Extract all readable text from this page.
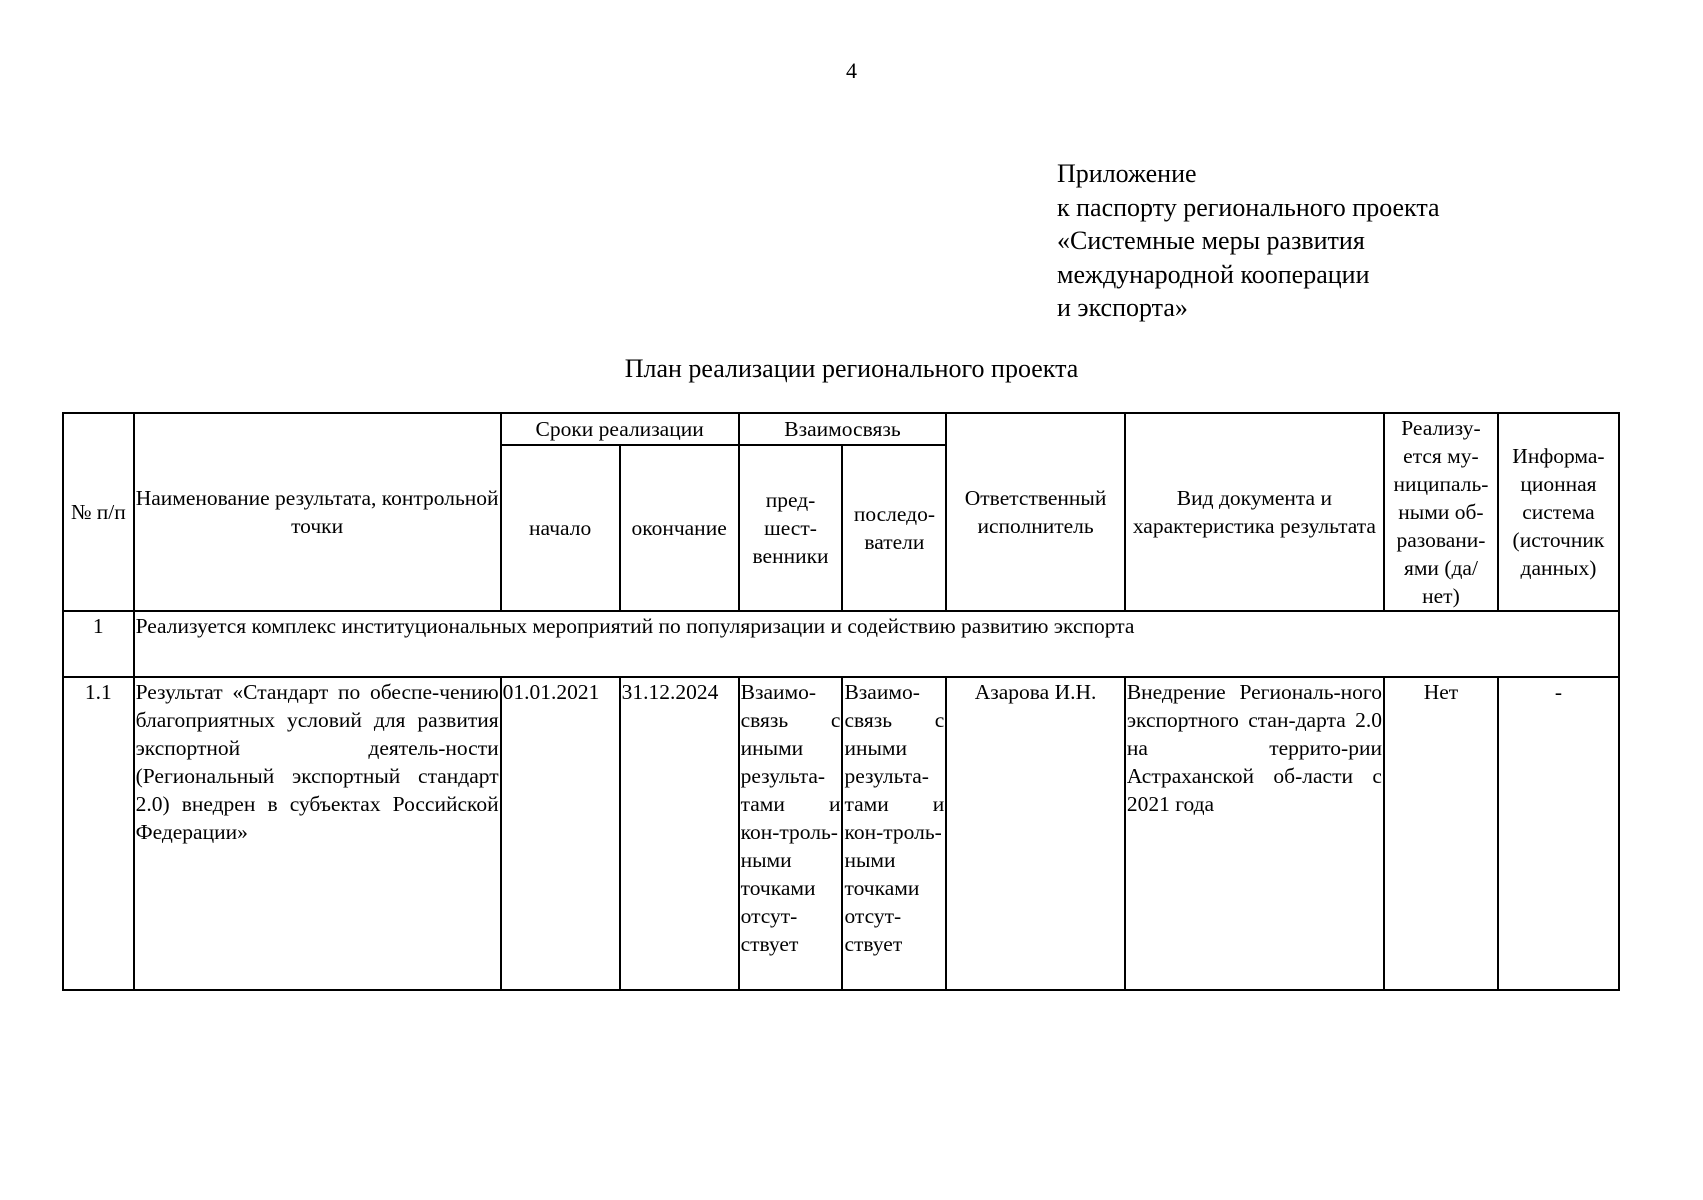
4
Приложение
к паспорту регионального проекта
«Системные меры развития
международной кооперации
и экспорта»
План реализации регионального проекта
№ п/п	Наименование результата, контрольной точки	Сроки реализации		Взаимосвязь		Ответственный исполнитель	Вид документа и характеристика результата	Реализу-ется му-ниципаль-ными об-разовани-ями (да/нет)	Информа-ционная система (источник данных)
		начало	окончание	пред-шест-венники	последо-ватели				
1	Реализуется комплекс институциональных мероприятий по популяризации и содействию развитию экспорта								
1.1	Результат «Стандарт по обеспе-чению благоприятных условий для развития экспортной деятель-ности (Региональный экспортный стандарт 2.0) внедрен в субъектах Российской Федерации»	01.01.2021	31.12.2024	Взаимо-связь с иными результа-тами и кон-троль-ными точками отсут-ствует	Взаимо-связь с иными результа-тами и кон-троль-ными точками отсут-ствует	Азарова И.Н.	Внедрение Региональ-ного экспортного стан-дарта 2.0 на террито-рии Астраханской об-ласти с 2021 года	Нет	-
